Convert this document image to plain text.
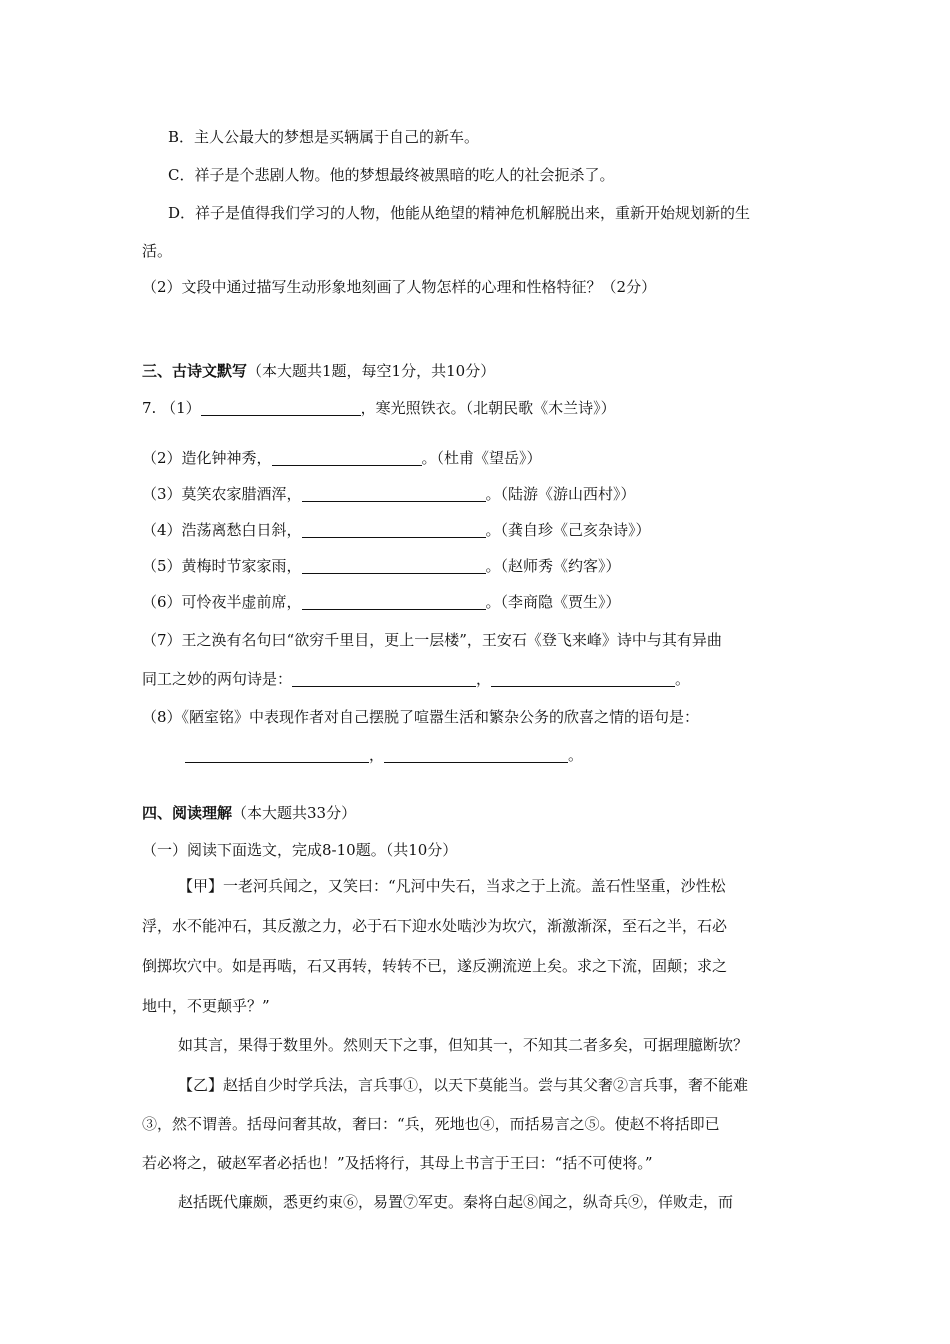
B．主人公最大的梦想是买辆属于自己的新车。
C．祥子是个悲剧人物。他的梦想最终被黑暗的吃人的社会扼杀了。
D．祥子是值得我们学习的人物，他能从绝望的精神危机解脱出来，重新开始规划新的生
活。
（2）文段中通过描写生动形象地刻画了人物怎样的心理和性格特征？（2分）
三、古诗文默写（本大题共1题，每空1分，共10分）
7. （1）	，寒光照铁衣。（北朝民歌《木兰诗》）
（2）造化钟神秀，	。（杜甫《望岳》）
（3）莫笑农家腊酒浑，	。（陆游《游山西村》）
（4）浩荡离愁白日斜，	。（龚自珍《己亥杂诗》）
（5）黄梅时节家家雨，	。（赵师秀《约客》）
（6）可怜夜半虚前席，	。（李商隐《贾生》）
（7）王之涣有名句曰“欲穷千里目，更上一层楼”，王安石《登飞来峰》诗中与其有异曲
同工之妙的两句诗是：	，	。
（8）《陋室铭》中表现作者对自己摆脱了喧嚣生活和繁杂公务的欣喜之情的语句是：
，	。
四、阅读理解（本大题共33分）
（一）阅读下面选文，完成8-10题。（共10分）
【甲】一老河兵闻之，又笑曰：“凡河中失石，当求之于上流。盖石性坚重，沙性松
浮，水不能冲石，其反激之力，必于石下迎水处啮沙为坎穴，渐激渐深，至石之半，石必
倒掷坎穴中。如是再啮，石又再转，转转不已，遂反溯流逆上矣。求之下流，固颠；求之
地中，不更颠乎？”
如其言，果得于数里外。然则天下之事，但知其一，不知其二者多矣，可据理臆断欤？
【乙】赵括自少时学兵法，言兵事①，以天下莫能当。尝与其父奢②言兵事，奢不能难
③，然不谓善。括母问奢其故，奢曰：“兵，死地也④，而括易言之⑤。使赵不将括即已
若必将之，破赵军者必括也！”及括将行，其母上书言于王曰：“括不可使将。”
赵括既代廉颇，悉更约束⑥，易置⑦军吏。秦将白起⑧闻之，纵奇兵⑨，佯败走，而
